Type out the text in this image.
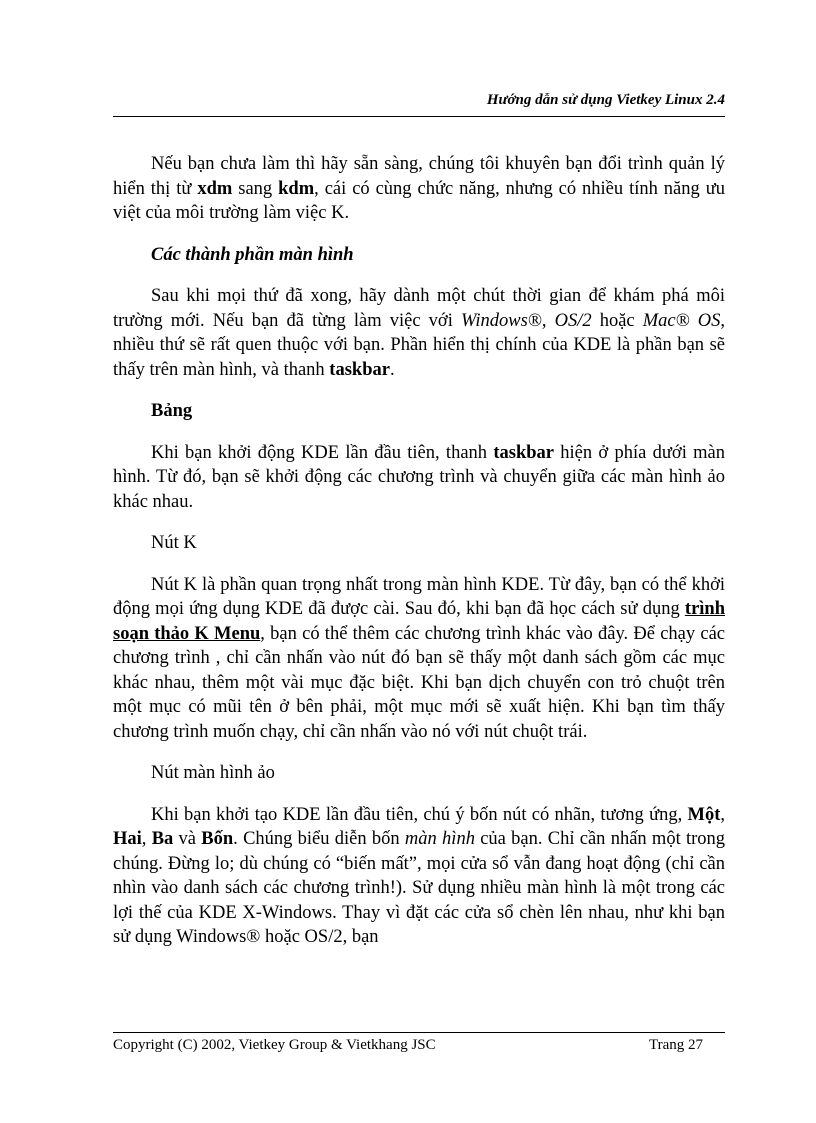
Hướng dẫn sử dụng Vietkey Linux 2.4

Nếu bạn chưa làm thì hãy sẵn sàng, chúng tôi khuyên bạn đổi trình quản lý hiển thị từ xdm sang kdm, cái có cùng chức năng, nhưng có nhiều tính năng ưu việt của môi trường làm việc K.

Các thành phần màn hình

Sau khi mọi thứ đã xong, hãy dành một chút thời gian để khám phá môi trường mới. Nếu bạn đã từng làm việc với Windows®, OS/2 hoặc Mac® OS, nhiều thứ sẽ rất quen thuộc với bạn. Phần hiển thị chính của KDE là phần bạn sẽ thấy trên màn hình, và thanh taskbar.

Bảng

Khi bạn khởi động KDE lần đầu tiên, thanh taskbar hiện ở phía dưới màn hình. Từ đó, bạn sẽ khởi động các chương trình và chuyển giữa các màn hình ảo khác nhau.

Nút K

Nút K là phần quan trọng nhất trong màn hình KDE. Từ đây, bạn có thể khởi động mọi ứng dụng KDE đã được cài. Sau đó, khi bạn đã học cách sử dụng trình soạn thảo K Menu, bạn có thể thêm các chương trình khác vào đây. Để chạy các chương trình , chỉ cần nhấn vào nút đó bạn sẽ thấy một danh sách gồm các mục khác nhau, thêm một vài mục đặc biệt. Khi bạn dịch chuyển con trỏ chuột trên một mục có mũi tên ở bên phải, một mục mới sẽ xuất hiện. Khi bạn tìm thấy chương trình muốn chạy, chỉ cần nhấn vào nó với nút chuột trái.

Nút màn hình ảo

Khi bạn khởi tạo KDE lần đầu tiên, chú ý bốn nút có nhãn, tương ứng, Một, Hai, Ba và Bốn. Chúng biểu diễn bốn màn hình của bạn. Chỉ cần nhấn một trong chúng. Đừng lo; dù chúng có “biến mất”, mọi cửa sổ vẫn đang hoạt động (chỉ cần nhìn vào danh sách các chương trình!). Sử dụng nhiều màn hình là một trong các lợi thế của KDE X-Windows. Thay vì đặt các cửa sổ chèn lên nhau, như khi bạn sử dụng Windows® hoặc OS/2, bạn

Copyright (C) 2002, Vietkey Group & Vietkhang JSC	Trang 27
